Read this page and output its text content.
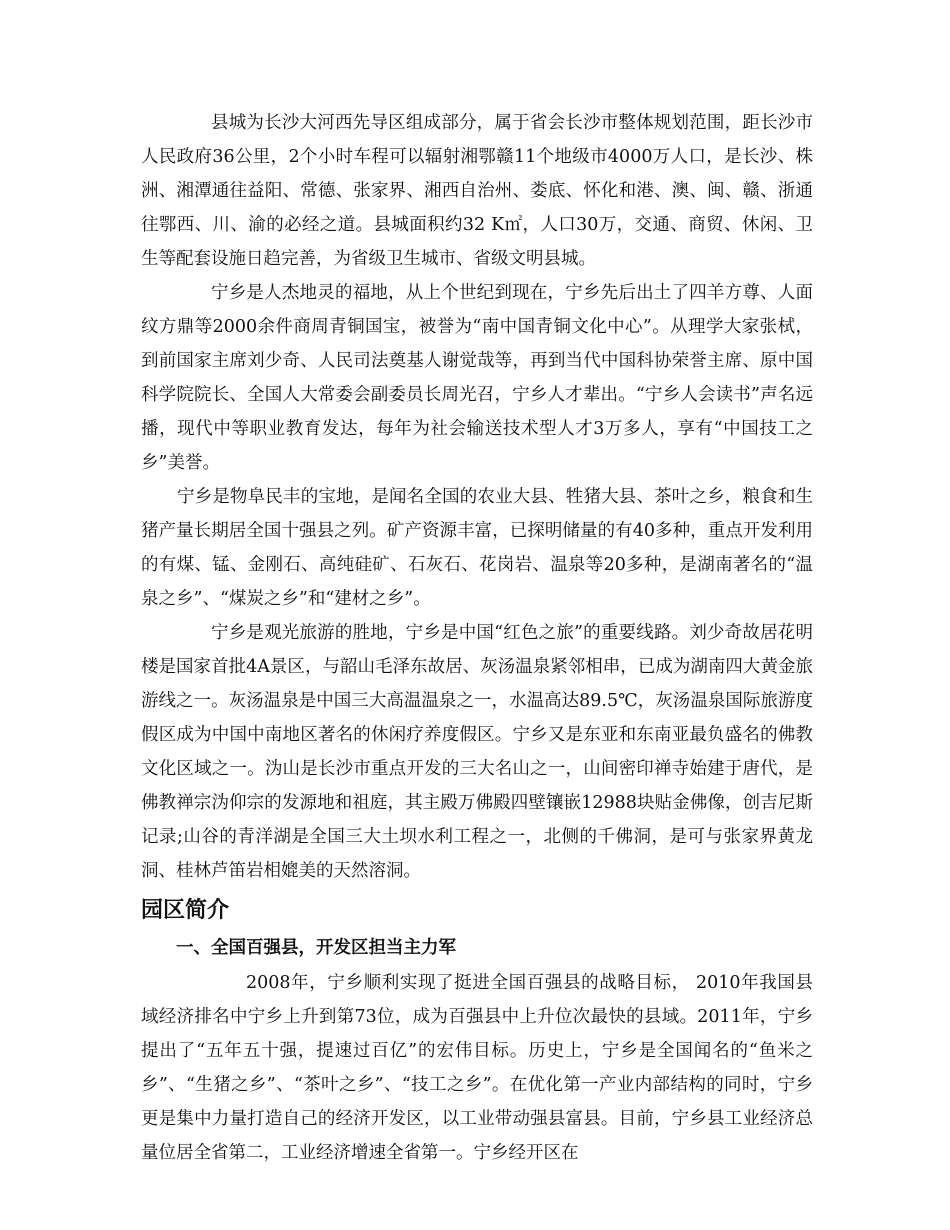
县城为长沙大河西先导区组成部分，属于省会长沙市整体规划范围，距长沙市人民政府36公里，2个小时车程可以辐射湘鄂赣11个地级市4000万人口，是长沙、株洲、湘潭通往益阳、常德、张家界、湘西自治州、娄底、怀化和港、澳、闽、赣、浙通往鄂西、川、渝的必经之道。县城面积约32 K㎡，人口30万，交通、商贸、休闲、卫生等配套设施日趋完善，为省级卫生城市、省级文明县城。

宁乡是人杰地灵的福地，从上个世纪到现在，宁乡先后出土了四羊方尊、人面纹方鼎等2000余件商周青铜国宝，被誉为“南中国青铜文化中心”。从理学大家张栻，到前国家主席刘少奇、人民司法奠基人谢觉哉等，再到当代中国科协荣誉主席、原中国科学院院长、全国人大常委会副委员长周光召，宁乡人才辈出。“宁乡人会读书”声名远播，现代中等职业教育发达，每年为社会输送技术型人才3万多人，享有“中国技工之乡”美誉。

宁乡是物阜民丰的宝地，是闻名全国的农业大县、牲猪大县、茶叶之乡，粮食和生猪产量长期居全国十强县之列。矿产资源丰富，已探明储量的有40多种，重点开发利用的有煤、锰、金刚石、高纯硅矿、石灰石、花岗岩、温泉等20多种，是湖南著名的“温泉之乡”、“煤炭之乡”和“建材之乡”。

宁乡是观光旅游的胜地，宁乡是中国“红色之旅”的重要线路。刘少奇故居花明楼是国家首批4A景区，与韶山毛泽东故居、灰汤温泉紧邻相串，已成为湖南四大黄金旅游线之一。灰汤温泉是中国三大高温温泉之一，水温高达89.5℃，灰汤温泉国际旅游度假区成为中国中南地区著名的休闲疗养度假区。宁乡又是东亚和东南亚最负盛名的佛教文化区域之一。沩山是长沙市重点开发的三大名山之一，山间密印禅寺始建于唐代，是佛教禅宗沩仰宗的发源地和祖庭，其主殿万佛殿四壁镶嵌12988块贴金佛像，创吉尼斯记录;山谷的青洋湖是全国三大土坝水利工程之一，北侧的千佛洞，是可与张家界黄龙洞、桂林芦笛岩相媲美的天然溶洞。

园区简介
一、全国百强县，开发区担当主力军

2008年，宁乡顺利实现了挺进全国百强县的战略目标， 2010年我国县域经济排名中宁乡上升到第73位，成为百强县中上升位次最快的县域。2011年，宁乡提出了“五年五十强，提速过百亿”的宏伟目标。历史上，宁乡是全国闻名的“鱼米之乡”、“生猪之乡”、“茶叶之乡”、“技工之乡”。在优化第一产业内部结构的同时，宁乡更是集中力量打造自己的经济开发区，以工业带动强县富县。目前，宁乡县工业经济总量位居全省第二，工业经济增速全省第一。宁乡经开区在
